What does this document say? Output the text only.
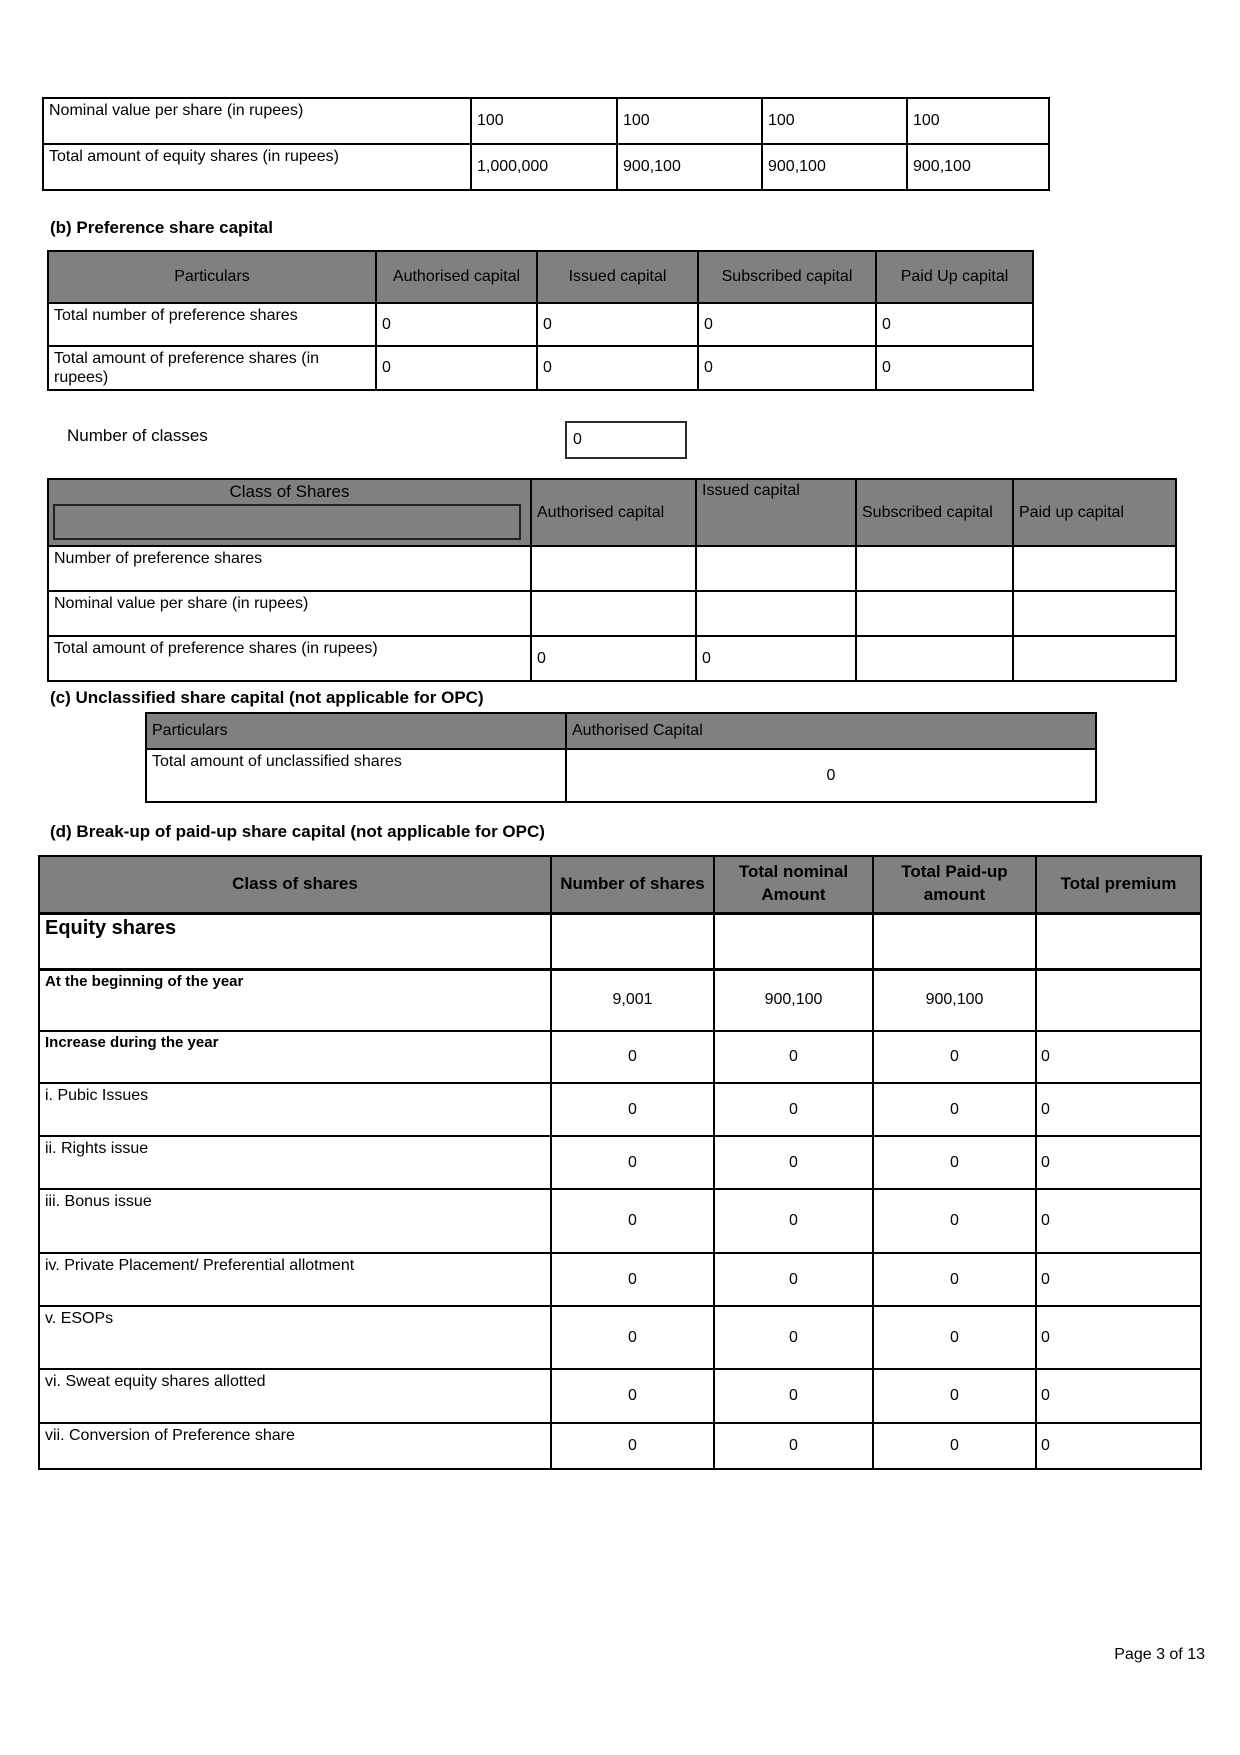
Nominal value per share (in rupees)	100	100	100	100
Total amount of equity shares (in rupees)	1,000,000	900,100	900,100	900,100
(b) Preference share capital
Particulars	Authorised capital	Issued capital	Subscribed capital	Paid Up capital
Total number of preference shares	0	0	0	0
Total amount of preference shares (in rupees)	0	0	0	0
Number of classes
0
Class of Shares	Authorised capital	Issued capital	Subscribed capital	Paid up capital
Number of preference shares				
Nominal value per share (in rupees)				
Total amount of preference shares (in rupees)	0	0		
(c) Unclassified share capital (not applicable for OPC)
Particulars	Authorised Capital
Total amount of unclassified shares	0
(d) Break-up of paid-up share capital (not applicable for OPC)
Class of shares	Number of shares	Total nominal Amount	Total Paid-up amount	Total premium
Equity shares				
At the beginning of the year	9,001	900,100	900,100	
Increase during the year	0	0	0	0
i. Pubic Issues	0	0	0	0
ii. Rights issue	0	0	0	0
iii. Bonus issue	0	0	0	0
iv. Private Placement/ Preferential allotment	0	0	0	0
v. ESOPs	0	0	0	0
vi. Sweat equity shares allotted	0	0	0	0
vii. Conversion of Preference share	0	0	0	0
Page 3 of 13
